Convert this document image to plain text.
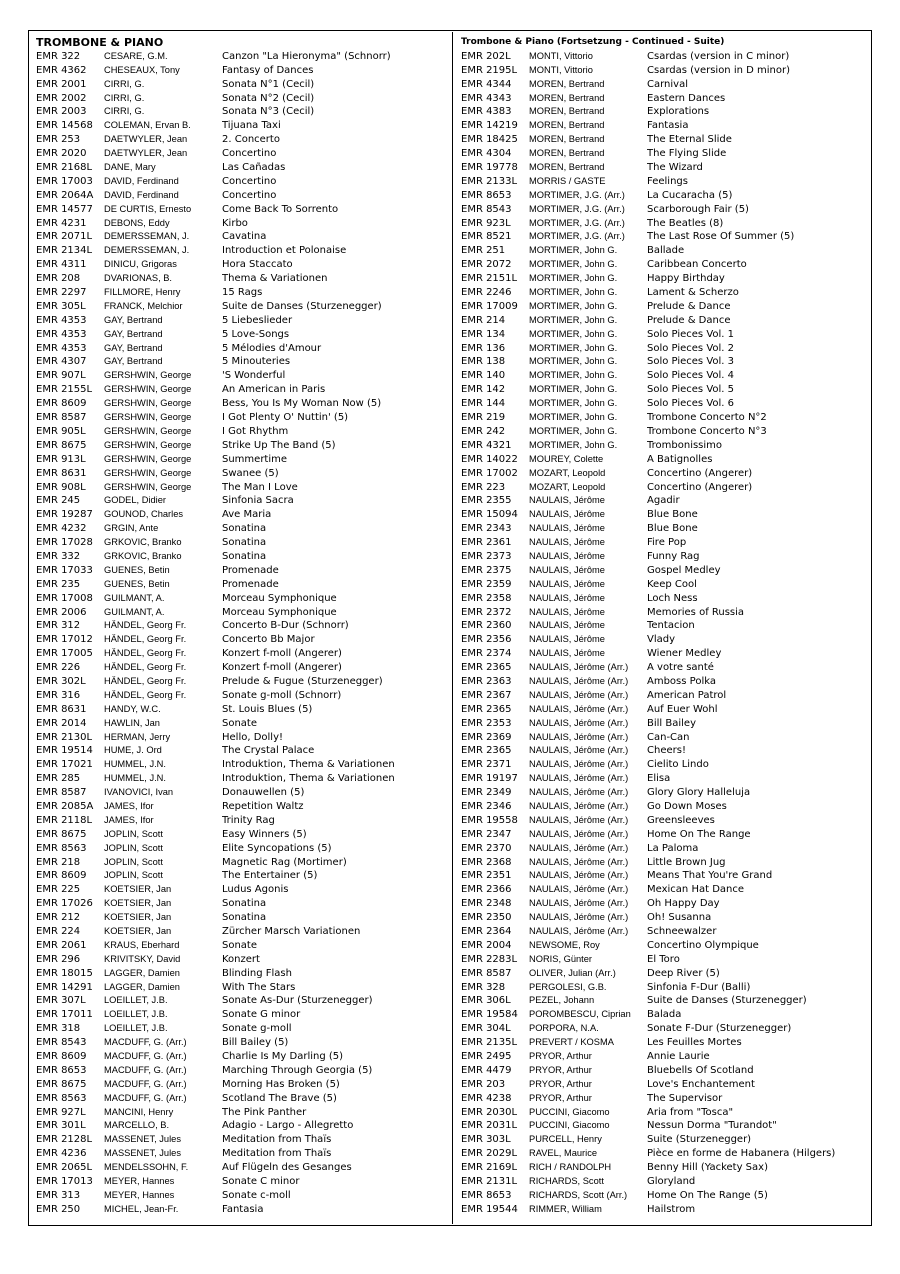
TROMBONE & PIANO
EMR 322	CESARE, G.M.	Canzon "La Hieronyma" (Schnorr)
EMR 4362	CHESEAUX, Tony	Fantasy of Dances
EMR 2001	CIRRI, G.	Sonata N°1 (Cecil)
EMR 2002	CIRRI, G.	Sonata N°2 (Cecil)
EMR 2003	CIRRI, G.	Sonata N°3 (Cecil)
EMR 14568	COLEMAN, Ervan B.	Tijuana Taxi
EMR 253	DAETWYLER, Jean	2. Concerto
EMR 2020	DAETWYLER, Jean	Concertino
EMR 2168L	DANE, Mary	Las Cañadas
EMR 17003	DAVID, Ferdinand	Concertino
EMR 2064A	DAVID, Ferdinand	Concertino
EMR 14577	DE CURTIS, Ernesto	Come Back To Sorrento
EMR 4231	DEBONS, Eddy	Kirbo
EMR 2071L	DEMERSSEMAN, J.	Cavatina
EMR 2134L	DEMERSSEMAN, J.	Introduction et Polonaise
EMR 4311	DINICU, Grigoras	Hora Staccato
EMR 208	DVARIONAS, B.	Thema & Variationen
EMR 2297	FILLMORE, Henry	15 Rags
EMR 305L	FRANCK, Melchior	Suite de Danses (Sturzenegger)
EMR 4353	GAY, Bertrand	5 Liebeslieder
EMR 4353	GAY, Bertrand	5 Love-Songs
EMR 4353	GAY, Bertrand	5 Mélodies d'Amour
EMR 4307	GAY, Bertrand	5 Minouteries
EMR 907L	GERSHWIN, George	'S Wonderful
EMR 2155L	GERSHWIN, George	An American in Paris
EMR 8609	GERSHWIN, George	Bess, You Is My Woman Now (5)
EMR 8587	GERSHWIN, George	I Got Plenty O' Nuttin' (5)
EMR 905L	GERSHWIN, George	I Got Rhythm
EMR 8675	GERSHWIN, George	Strike Up The Band (5)
EMR 913L	GERSHWIN, George	Summertime
EMR 8631	GERSHWIN, George	Swanee (5)
EMR 908L	GERSHWIN, George	The Man I Love
EMR 245	GODEL, Didier	Sinfonia Sacra
EMR 19287	GOUNOD, Charles	Ave Maria
EMR 4232	GRGIN, Ante	Sonatina
EMR 17028	GRKOVIC, Branko	Sonatina
EMR 332	GRKOVIC, Branko	Sonatina
EMR 17033	GUENES, Betin	Promenade
EMR 235	GUENES, Betin	Promenade
EMR 17008	GUILMANT, A.	Morceau Symphonique
EMR 2006	GUILMANT, A.	Morceau Symphonique
EMR 312	HÄNDEL, Georg Fr.	Concerto B-Dur (Schnorr)
EMR 17012	HÄNDEL, Georg Fr.	Concerto Bb Major
EMR 17005	HÄNDEL, Georg Fr.	Konzert f-moll (Angerer)
EMR 226	HÄNDEL, Georg Fr.	Konzert f-moll (Angerer)
EMR 302L	HÄNDEL, Georg Fr.	Prelude & Fugue (Sturzenegger)
EMR 316	HÄNDEL, Georg Fr.	Sonate g-moll (Schnorr)
EMR 8631	HANDY, W.C.	St. Louis Blues (5)
EMR 2014	HAWLIN, Jan	Sonate
EMR 2130L	HERMAN, Jerry	Hello, Dolly!
EMR 19514	HUME, J. Ord	The Crystal Palace
EMR 17021	HUMMEL, J.N.	Introduktion, Thema & Variationen
EMR 285	HUMMEL, J.N.	Introduktion, Thema & Variationen
EMR 8587	IVANOVICI, Ivan	Donauwellen (5)
EMR 2085A	JAMES, Ifor	Repetition Waltz
EMR 2118L	JAMES, Ifor	Trinity Rag
EMR 8675	JOPLIN, Scott	Easy Winners (5)
EMR 8563	JOPLIN, Scott	Elite Syncopations (5)
EMR 218	JOPLIN, Scott	Magnetic Rag (Mortimer)
EMR 8609	JOPLIN, Scott	The Entertainer (5)
EMR 225	KOETSIER, Jan	Ludus Agonis
EMR 17026	KOETSIER, Jan	Sonatina
EMR 212	KOETSIER, Jan	Sonatina
EMR 224	KOETSIER, Jan	Zürcher Marsch Variationen
EMR 2061	KRAUS, Eberhard	Sonate
EMR 296	KRIVITSKY, David	Konzert
EMR 18015	LAGGER, Damien	Blinding Flash
EMR 14291	LAGGER, Damien	With The Stars
EMR 307L	LOEILLET, J.B.	Sonate As-Dur (Sturzenegger)
EMR 17011	LOEILLET, J.B.	Sonate G minor
EMR 318	LOEILLET, J.B.	Sonate g-moll
EMR 8543	MACDUFF, G. (Arr.)	Bill Bailey (5)
EMR 8609	MACDUFF, G. (Arr.)	Charlie Is My Darling (5)
EMR 8653	MACDUFF, G. (Arr.)	Marching Through Georgia (5)
EMR 8675	MACDUFF, G. (Arr.)	Morning Has Broken (5)
EMR 8563	MACDUFF, G. (Arr.)	Scotland The Brave (5)
EMR 927L	MANCINI, Henry	The Pink Panther
EMR 301L	MARCELLO, B.	Adagio - Largo - Allegretto
EMR 2128L	MASSENET, Jules	Meditation from Thaïs
EMR 4236	MASSENET, Jules	Meditation from Thaïs
EMR 2065L	MENDELSSOHN, F.	Auf Flügeln des Gesanges
EMR 17013	MEYER, Hannes	Sonate C minor
EMR 313	MEYER, Hannes	Sonate c-moll
EMR 250	MICHEL, Jean-Fr.	Fantasia
Trombone & Piano (Fortsetzung - Continued - Suite)
EMR 202L	MONTI, Vittorio	Csardas (version in C minor)
EMR 2195L	MONTI, Vittorio	Csardas (version in D minor)
EMR 4344	MOREN, Bertrand	Carnival
EMR 4343	MOREN, Bertrand	Eastern Dances
EMR 4383	MOREN, Bertrand	Explorations
EMR 14219	MOREN, Bertrand	Fantasia
EMR 18425	MOREN, Bertrand	The Eternal Slide
EMR 4304	MOREN, Bertrand	The Flying Slide
EMR 19778	MOREN, Bertrand	The Wizard
EMR 2133L	MORRIS / GASTE	Feelings
EMR 8653	MORTIMER, J.G. (Arr.)	La Cucaracha (5)
EMR 8543	MORTIMER, J.G. (Arr.)	Scarborough Fair (5)
EMR 923L	MORTIMER, J.G. (Arr.)	The Beatles (8)
EMR 8521	MORTIMER, J.G. (Arr.)	The Last Rose Of Summer (5)
EMR 251	MORTIMER, John G.	Ballade
EMR 2072	MORTIMER, John G.	Caribbean Concerto
EMR 2151L	MORTIMER, John G.	Happy Birthday
EMR 2246	MORTIMER, John G.	Lament & Scherzo
EMR 17009	MORTIMER, John G.	Prelude & Dance
EMR 214	MORTIMER, John G.	Prelude & Dance
EMR 134	MORTIMER, John G.	Solo Pieces Vol. 1
EMR 136	MORTIMER, John G.	Solo Pieces Vol. 2
EMR 138	MORTIMER, John G.	Solo Pieces Vol. 3
EMR 140	MORTIMER, John G.	Solo Pieces Vol. 4
EMR 142	MORTIMER, John G.	Solo Pieces Vol. 5
EMR 144	MORTIMER, John G.	Solo Pieces Vol. 6
EMR 219	MORTIMER, John G.	Trombone Concerto N°2
EMR 242	MORTIMER, John G.	Trombone Concerto N°3
EMR 4321	MORTIMER, John G.	Trombonissimo
EMR 14022	MOUREY, Colette	A Batignolles
EMR 17002	MOZART, Leopold	Concertino (Angerer)
EMR 223	MOZART, Leopold	Concertino (Angerer)
EMR 2355	NAULAIS, Jérôme	Agadir
EMR 15094	NAULAIS, Jérôme	Blue Bone
EMR 2343	NAULAIS, Jérôme	Blue Bone
EMR 2361	NAULAIS, Jérôme	Fire Pop
EMR 2373	NAULAIS, Jérôme	Funny Rag
EMR 2375	NAULAIS, Jérôme	Gospel Medley
EMR 2359	NAULAIS, Jérôme	Keep Cool
EMR 2358	NAULAIS, Jérôme	Loch Ness
EMR 2372	NAULAIS, Jérôme	Memories of Russia
EMR 2360	NAULAIS, Jérôme	Tentacion
EMR 2356	NAULAIS, Jérôme	Vlady
EMR 2374	NAULAIS, Jérôme	Wiener Medley
EMR 2365	NAULAIS, Jérôme (Arr.)	A votre santé
EMR 2363	NAULAIS, Jérôme (Arr.)	Amboss Polka
EMR 2367	NAULAIS, Jérôme (Arr.)	American Patrol
EMR 2365	NAULAIS, Jérôme (Arr.)	Auf Euer Wohl
EMR 2353	NAULAIS, Jérôme (Arr.)	Bill Bailey
EMR 2369	NAULAIS, Jérôme (Arr.)	Can-Can
EMR 2365	NAULAIS, Jérôme (Arr.)	Cheers!
EMR 2371	NAULAIS, Jérôme (Arr.)	Cielito Lindo
EMR 19197	NAULAIS, Jérôme (Arr.)	Elisa
EMR 2349	NAULAIS, Jérôme (Arr.)	Glory Glory Halleluja
EMR 2346	NAULAIS, Jérôme (Arr.)	Go Down Moses
EMR 19558	NAULAIS, Jérôme (Arr.)	Greensleeves
EMR 2347	NAULAIS, Jérôme (Arr.)	Home On The Range
EMR 2370	NAULAIS, Jérôme (Arr.)	La Paloma
EMR 2368	NAULAIS, Jérôme (Arr.)	Little Brown Jug
EMR 2351	NAULAIS, Jérôme (Arr.)	Means That You're Grand
EMR 2366	NAULAIS, Jérôme (Arr.)	Mexican Hat Dance
EMR 2348	NAULAIS, Jérôme (Arr.)	Oh Happy Day
EMR 2350	NAULAIS, Jérôme (Arr.)	Oh! Susanna
EMR 2364	NAULAIS, Jérôme (Arr.)	Schneewalzer
EMR 2004	NEWSOME, Roy	Concertino Olympique
EMR 2283L	NORIS, Günter	El Toro
EMR 8587	OLIVER, Julian (Arr.)	Deep River (5)
EMR 328	PERGOLESI, G.B.	Sinfonia F-Dur (Balli)
EMR 306L	PEZEL, Johann	Suite de Danses (Sturzenegger)
EMR 19584	POROMBESCU, Ciprian	Balada
EMR 304L	PORPORA, N.A.	Sonate F-Dur (Sturzenegger)
EMR 2135L	PREVERT / KOSMA	Les Feuilles Mortes
EMR 2495	PRYOR, Arthur	Annie Laurie
EMR 4479	PRYOR, Arthur	Bluebells Of Scotland
EMR 203	PRYOR, Arthur	Love's Enchantement
EMR 4238	PRYOR, Arthur	The Supervisor
EMR 2030L	PUCCINI, Giacomo	Aria from "Tosca"
EMR 2031L	PUCCINI, Giacomo	Nessun Dorma "Turandot"
EMR 303L	PURCELL, Henry	Suite (Sturzenegger)
EMR 2029L	RAVEL, Maurice	Pièce en forme de Habanera (Hilgers)
EMR 2169L	RICH / RANDOLPH	Benny Hill (Yackety Sax)
EMR 2131L	RICHARDS, Scott	Gloryland
EMR 8653	RICHARDS, Scott (Arr.)	Home On The Range (5)
EMR 19544	RIMMER, William	Hailstrom
